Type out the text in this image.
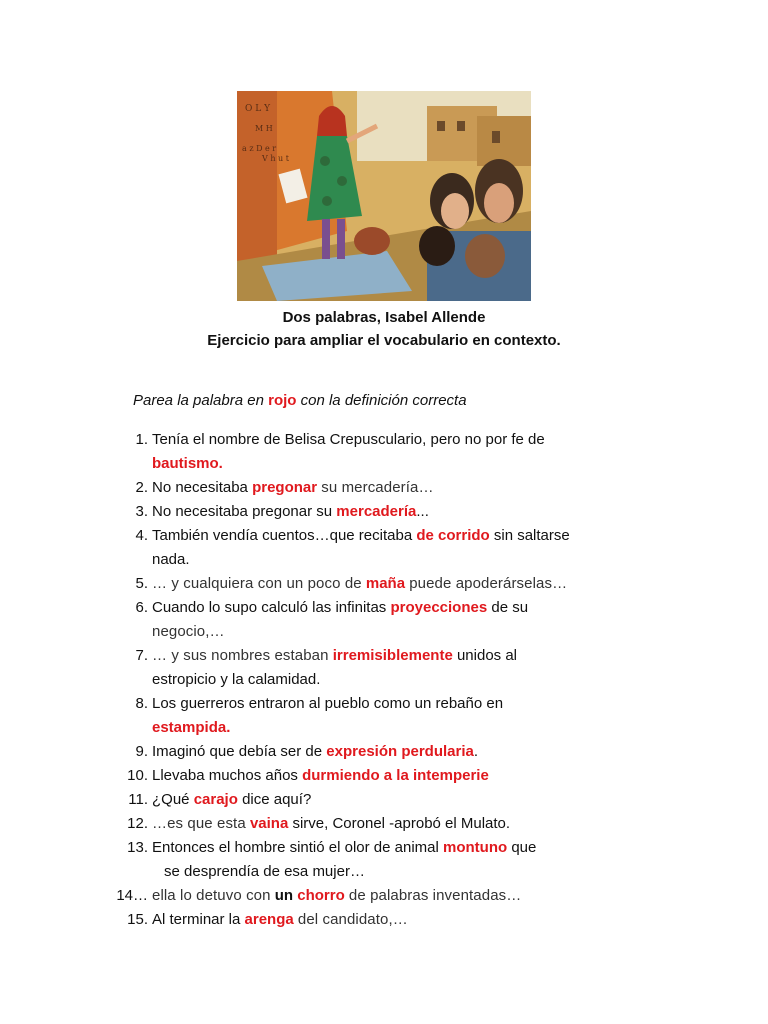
O L Y
M H
a z D e r
V h u t
Dos palabras, Isabel Allende
Ejercicio para ampliar el vocabulario en contexto.
Parea la palabra en rojo con la definición correcta
1. Tenía el nombre de Belisa Crepusculario, pero no por fe de
bautismo.
2. No necesitaba pregonar su mercadería…
3. No necesitaba pregonar su mercadería...
4. También vendía cuentos…que recitaba de corrido sin saltarse
nada.
5. … y cualquiera con un poco de maña puede apoderárselas…
6. Cuando lo supo calculó las infinitas proyecciones de su
negocio,…
7. … y sus nombres estaban irremisiblemente unidos al
estropicio y la calamidad.
8. Los guerreros entraron al pueblo como un rebaño en
estampida.
9. Imaginó que debía ser de expresión perdularia.
10. Llevaba muchos años durmiendo a la intemperie
11. ¿Qué carajo dice aquí?
12. …es que esta vaina sirve, Coronel -aprobó el Mulato.
13. Entonces el hombre sintió el olor de animal montuno que
se desprendía de esa mujer…
14… ella lo detuvo con un chorro de palabras inventadas…
15. Al terminar la arenga del candidato,…
